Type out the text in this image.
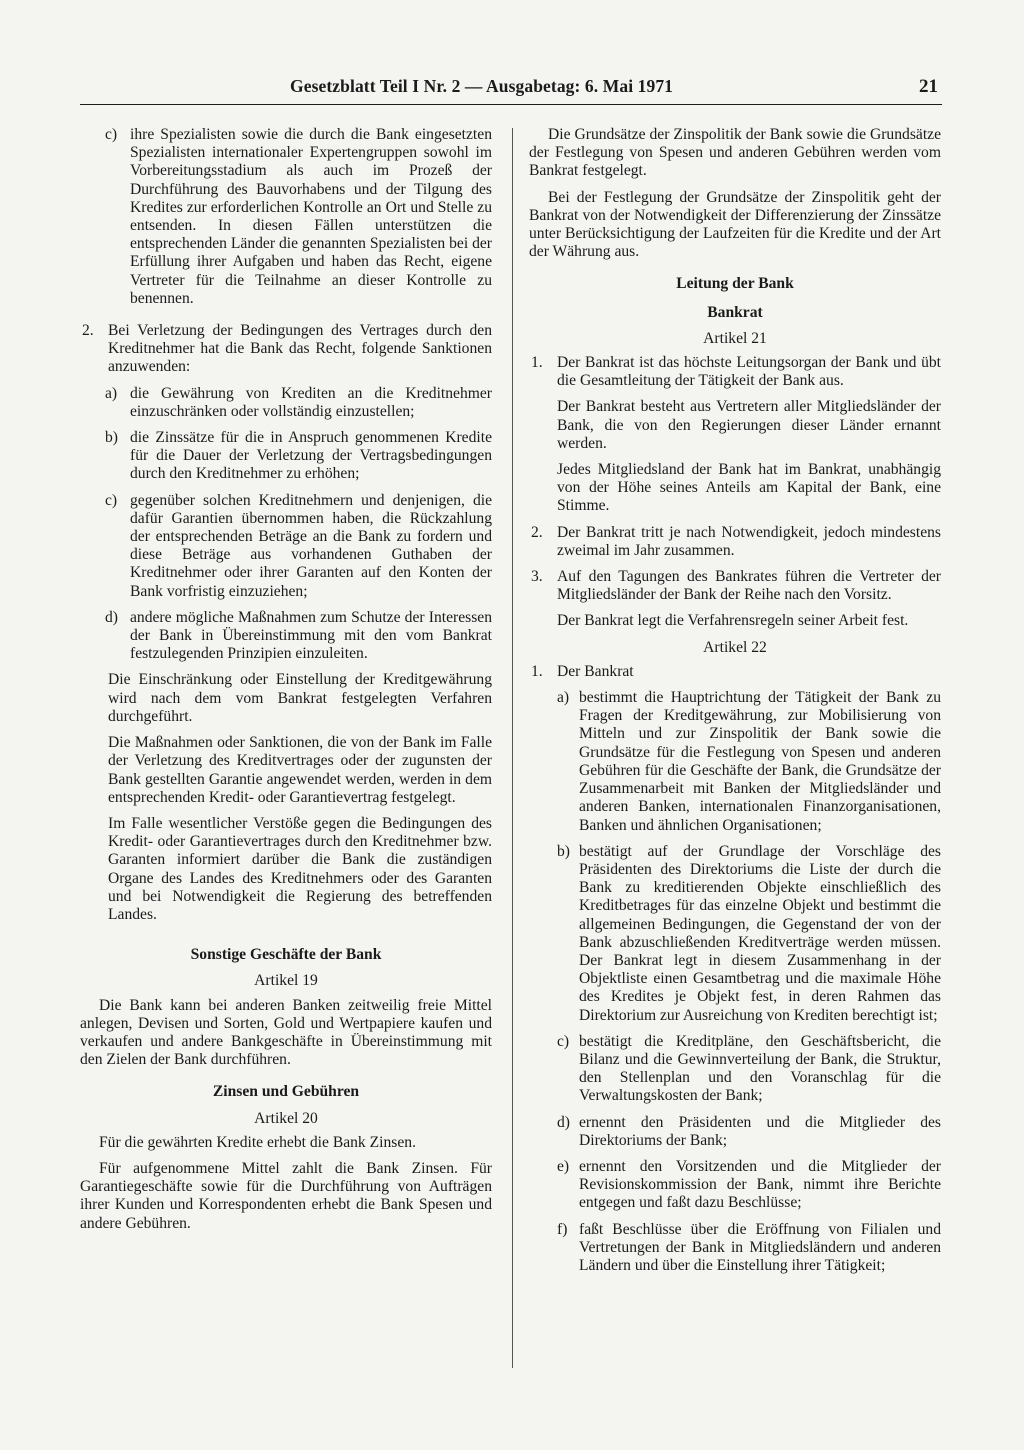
Gesetzblatt Teil I Nr. 2 — Ausgabetag: 6. Mai 1971	21

c) ihre Spezialisten sowie die durch die Bank eingesetzten Spezialisten internationaler Expertengruppen sowohl im Vorbereitungsstadium als auch im Prozeß der Durchführung des Bauvorhabens und der Tilgung des Kredites zur erforderlichen Kontrolle an Ort und Stelle zu entsenden. In diesen Fällen unterstützen die entsprechenden Länder die genannten Spezialisten bei der Erfüllung ihrer Aufgaben und haben das Recht, eigene Vertreter für die Teilnahme an dieser Kontrolle zu benennen.

2. Bei Verletzung der Bedingungen des Vertrages durch den Kreditnehmer hat die Bank das Recht, folgende Sanktionen anzuwenden:

a) die Gewährung von Krediten an die Kreditnehmer einzuschränken oder vollständig einzustellen;

b) die Zinssätze für die in Anspruch genommenen Kredite für die Dauer der Verletzung der Vertragsbedingungen durch den Kreditnehmer zu erhöhen;

c) gegenüber solchen Kreditnehmern und denjenigen, die dafür Garantien übernommen haben, die Rückzahlung der entsprechenden Beträge an die Bank zu fordern und diese Beträge aus vorhandenen Guthaben der Kreditnehmer oder ihrer Garanten auf den Konten der Bank vorfristig einzuziehen;

d) andere mögliche Maßnahmen zum Schutze der Interessen der Bank in Übereinstimmung mit den vom Bankrat festzulegenden Prinzipien einzuleiten.

Die Einschränkung oder Einstellung der Kreditgewährung wird nach dem vom Bankrat festgelegten Verfahren durchgeführt.

Die Maßnahmen oder Sanktionen, die von der Bank im Falle der Verletzung des Kreditvertrages oder der zugunsten der Bank gestellten Garantie angewendet werden, werden in dem entsprechenden Kredit- oder Garantievertrag festgelegt.

Im Falle wesentlicher Verstöße gegen die Bedingungen des Kredit- oder Garantievertrages durch den Kreditnehmer bzw. Garanten informiert darüber die Bank die zuständigen Organe des Landes des Kreditnehmers oder des Garanten und bei Notwendigkeit die Regierung des betreffenden Landes.

Sonstige Geschäfte der Bank
Artikel 19

Die Bank kann bei anderen Banken zeitweilig freie Mittel anlegen, Devisen und Sorten, Gold und Wertpapiere kaufen und verkaufen und andere Bankgeschäfte in Übereinstimmung mit den Zielen der Bank durchführen.

Zinsen und Gebühren
Artikel 20

Für die gewährten Kredite erhebt die Bank Zinsen.

Für aufgenommene Mittel zahlt die Bank Zinsen. Für Garantiegeschäfte sowie für die Durchführung von Aufträgen ihrer Kunden und Korrespondenten erhebt die Bank Spesen und andere Gebühren.

Die Grundsätze der Zinspolitik der Bank sowie die Grundsätze der Festlegung von Spesen und anderen Gebühren werden vom Bankrat festgelegt.

Bei der Festlegung der Grundsätze der Zinspolitik geht der Bankrat von der Notwendigkeit der Differenzierung der Zinssätze unter Berücksichtigung der Laufzeiten für die Kredite und der Art der Währung aus.

Leitung der Bank
Bankrat
Artikel 21

1. Der Bankrat ist das höchste Leitungsorgan der Bank und übt die Gesamtleitung der Tätigkeit der Bank aus.

Der Bankrat besteht aus Vertretern aller Mitgliedsländer der Bank, die von den Regierungen dieser Länder ernannt werden.

Jedes Mitgliedsland der Bank hat im Bankrat, unabhängig von der Höhe seines Anteils am Kapital der Bank, eine Stimme.

2. Der Bankrat tritt je nach Notwendigkeit, jedoch mindestens zweimal im Jahr zusammen.

3. Auf den Tagungen des Bankrates führen die Vertreter der Mitgliedsländer der Bank der Reihe nach den Vorsitz.

Der Bankrat legt die Verfahrensregeln seiner Arbeit fest.

Artikel 22

1. Der Bankrat

a) bestimmt die Hauptrichtung der Tätigkeit der Bank zu Fragen der Kreditgewährung, zur Mobilisierung von Mitteln und zur Zinspolitik der Bank sowie die Grundsätze für die Festlegung von Spesen und anderen Gebühren für die Geschäfte der Bank, die Grundsätze der Zusammenarbeit mit Banken der Mitgliedsländer und anderen Banken, internationalen Finanzorganisationen, Banken und ähnlichen Organisationen;

b) bestätigt auf der Grundlage der Vorschläge des Präsidenten des Direktoriums die Liste der durch die Bank zu kreditierenden Objekte einschließlich des Kreditbetrages für das einzelne Objekt und bestimmt die allgemeinen Bedingungen, die Gegenstand der von der Bank abzuschließenden Kreditverträge werden müssen. Der Bankrat legt in diesem Zusammenhang in der Objektliste einen Gesamtbetrag und die maximale Höhe des Kredites je Objekt fest, in deren Rahmen das Direktorium zur Ausreichung von Krediten berechtigt ist;

c) bestätigt die Kreditpläne, den Geschäftsbericht, die Bilanz und die Gewinnverteilung der Bank, die Struktur, den Stellenplan und den Voranschlag für die Verwaltungskosten der Bank;

d) ernennt den Präsidenten und die Mitglieder des Direktoriums der Bank;

e) ernennt den Vorsitzenden und die Mitglieder der Revisionskommission der Bank, nimmt ihre Berichte entgegen und faßt dazu Beschlüsse;

f) faßt Beschlüsse über die Eröffnung von Filialen und Vertretungen der Bank in Mitgliedsländern und anderen Ländern und über die Einstellung ihrer Tätigkeit;
